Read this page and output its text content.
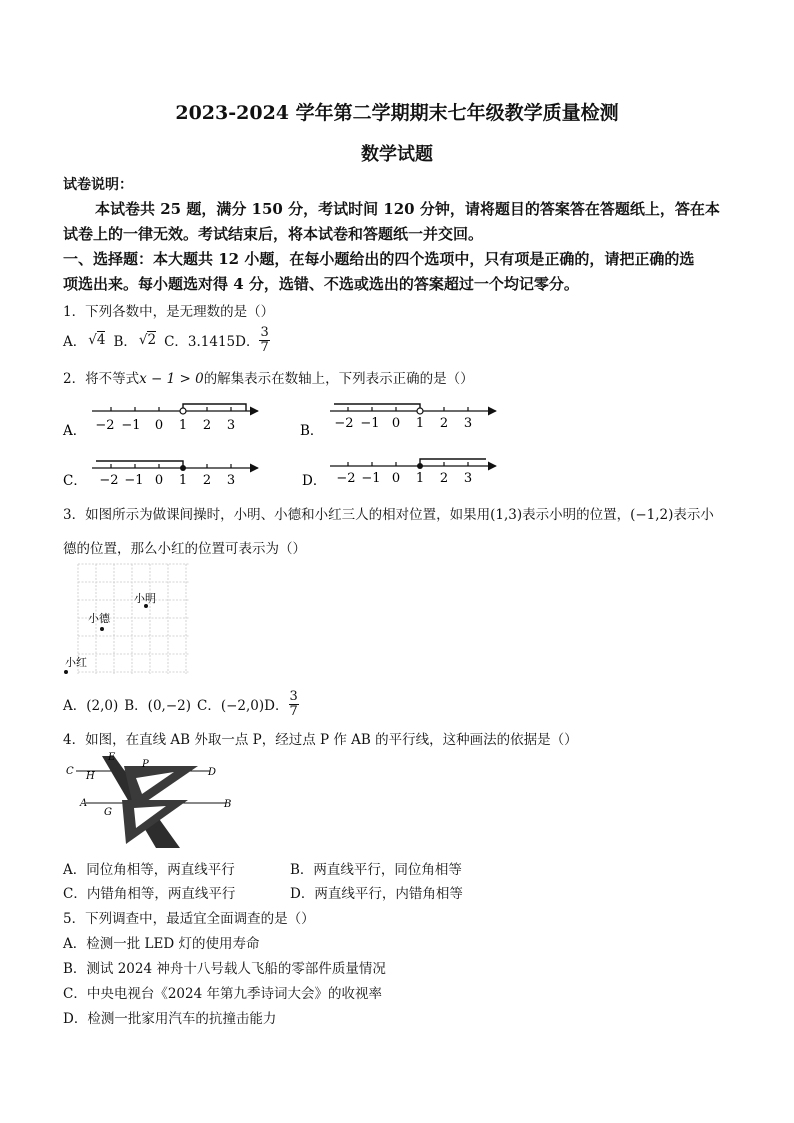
2023-2024 学年第二学期期末七年级教学质量检测
数学试题
试卷说明：
本试卷共 25 题，满分 150 分，考试时间 120 分钟，请将题目的答案答在答题纸上，答在本
试卷上的一律无效。考试结束后，将本试卷和答题纸一并交回。
一、选择题：本大题共 12 小题，在每小题给出的四个选项中，只有项是正确的，请把正确的选
项选出来。每小题选对得 4 分，选错、不选或选出的答案超过一个均记零分。
1．下列各数中，是无理数的是（）
A． √4 B． √2 C．3.1415 D． $\frac{3}{7}$
2．将不等式x − 1 > 0的解集表示在数轴上，下列表示正确的是（）
A． −2 −1 0 1 2 3	B． −2 −1 0 1 2 3
C． −2 −1 0 1 2 3	D． −2 −1 0 1 2 3
3．如图所示为做课间操时，小明、小德和小红三人的相对位置，如果用(1,3)表示小明的位置，(−1,2)表示小
德的位置，那么小红的位置可表示为（）
小明
小德
小红
A．(2,0) B．(0,−2) C．(−2,0) D． $\frac{3}{7}$
4．如图，在直线 AB 外取一点 P，经过点 P 作 AB 的平行线，这种画法的依据是（）
C H
E
P
D
A
G
B
A．同位角相等，两直线平行	B．两直线平行，同位角相等
C．内错角相等，两直线平行	D．两直线平行，内错角相等
5．下列调查中，最适宜全面调查的是（）
A．检测一批 LED 灯的使用寿命
B．测试 2024 神舟十八号载人飞船的零部件质量情况
C．中央电视台《2024 年第九季诗词大会》的收视率
D．检测一批家用汽车的抗撞击能力
